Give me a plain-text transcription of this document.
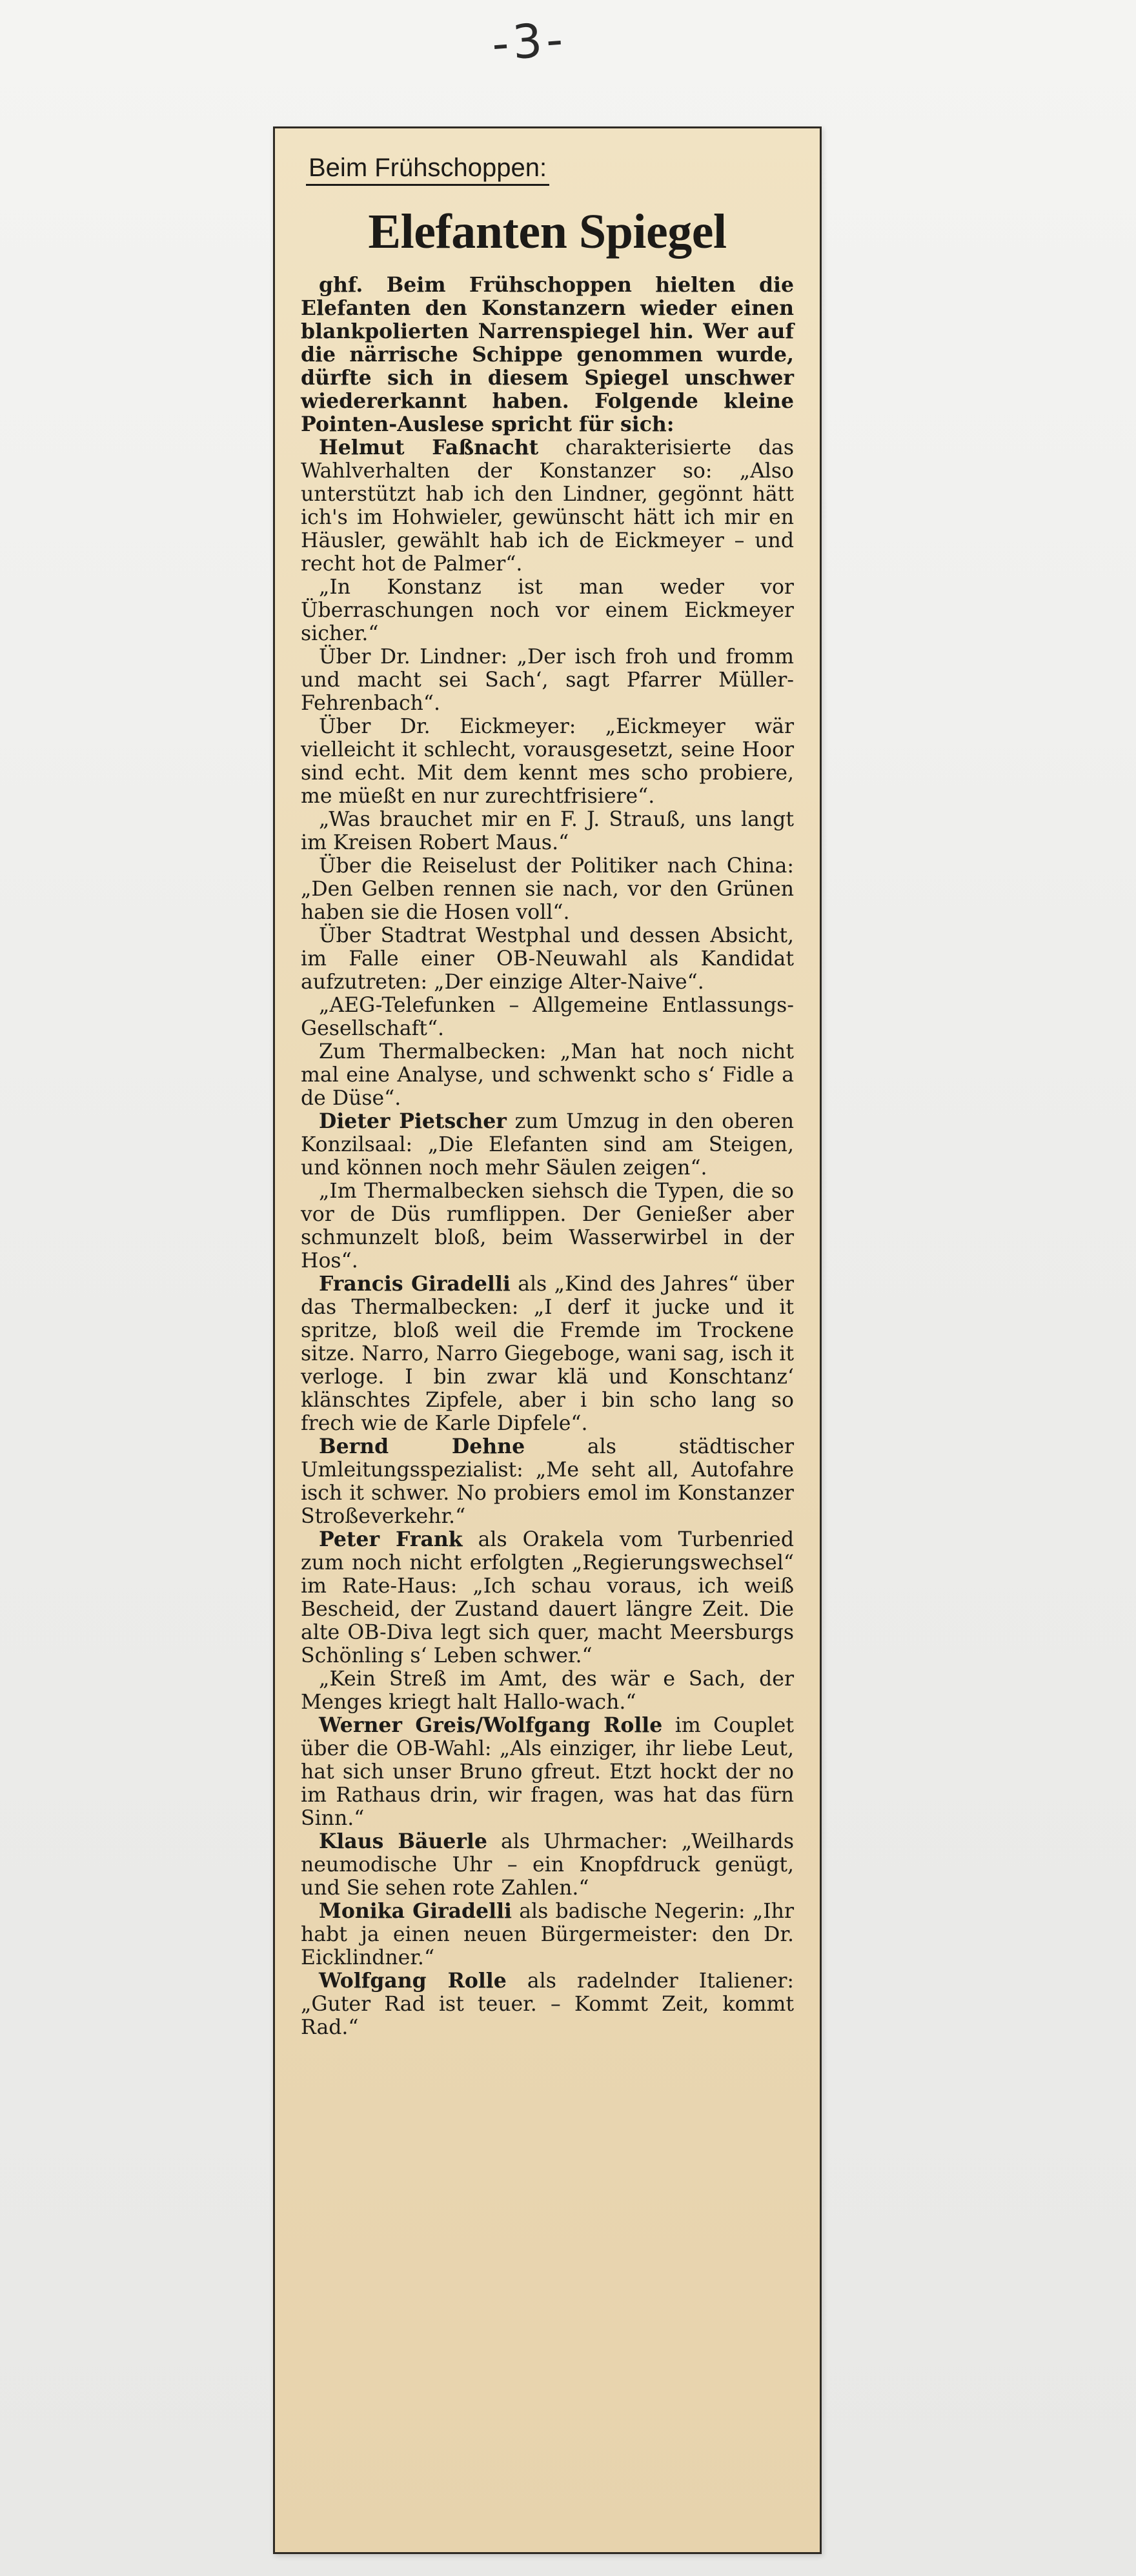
-3-
Beim Frühschoppen:
Elefanten Spiegel

ghf. Beim Frühschoppen hielten die Elefanten den Konstanzern wieder einen blankpolierten Narrenspiegel hin. Wer auf die närrische Schippe genommen wurde, dürfte sich in diesem Spiegel unschwer wiedererkannt haben. Folgende kleine Pointen-Auslese spricht für sich:

Helmut Faßnacht charakterisierte das Wahlverhalten der Konstanzer so: „Also unterstützt hab ich den Lindner, gegönnt hätt ich's im Hohwieler, gewünscht hätt ich mir en Häusler, gewählt hab ich de Eickmeyer – und recht hot de Palmer“.

„In Konstanz ist man weder vor Überraschungen noch vor einem Eickmeyer sicher.“

Über Dr. Lindner: „Der isch froh und fromm und macht sei Sach‘, sagt Pfarrer Müller-Fehrenbach“.

Über Dr. Eickmeyer: „Eickmeyer wär vielleicht it schlecht, vorausgesetzt, seine Hoor sind echt. Mit dem kennt mes scho probiere, me müeßt en nur zurechtfrisiere“.

„Was brauchet mir en F. J. Strauß, uns langt im Kreisen Robert Maus.“

Über die Reiselust der Politiker nach China: „Den Gelben rennen sie nach, vor den Grünen haben sie die Hosen voll“.

Über Stadtrat Westphal und dessen Absicht, im Falle einer OB-Neuwahl als Kandidat aufzutreten: „Der einzige Alter-Naive“.

„AEG-Telefunken – Allgemeine Entlassungs-Gesellschaft“.

Zum Thermalbecken: „Man hat noch nicht mal eine Analyse, und schwenkt scho s‘ Fidle a de Düse“.

Dieter Pietscher zum Umzug in den oberen Konzilsaal: „Die Elefanten sind am Steigen, und können noch mehr Säulen zeigen“.

„Im Thermalbecken siehsch die Typen, die so vor de Düs rumflippen. Der Genießer aber schmunzelt bloß, beim Wasserwirbel in der Hos“.

Francis Giradelli als „Kind des Jahres“ über das Thermalbecken: „I derf it jucke und it spritze, bloß weil die Fremde im Trockene sitze. Narro, Narro Giegeboge, wani sag, isch it verloge. I bin zwar klä und Konschtanz‘ klänschtes Zipfele, aber i bin scho lang so frech wie de Karle Dipfele“.

Bernd Dehne als städtischer Umleitungsspezialist: „Me seht all, Autofahre isch it schwer. No probiers emol im Konstanzer Stroßeverkehr.“

Peter Frank als Orakela vom Turbenried zum noch nicht erfolgten „Regierungswechsel“ im Rate-Haus: „Ich schau voraus, ich weiß Bescheid, der Zustand dauert längre Zeit. Die alte OB-Diva legt sich quer, macht Meersburgs Schönling s‘ Leben schwer.“

„Kein Streß im Amt, des wär e Sach, der Menges kriegt halt Hallo-wach.“

Werner Greis/Wolfgang Rolle im Couplet über die OB-Wahl: „Als einziger, ihr liebe Leut, hat sich unser Bruno gfreut. Etzt hockt der no im Rathaus drin, wir fragen, was hat das fürn Sinn.“

Klaus Bäuerle als Uhrmacher: „Weilhards neumodische Uhr – ein Knopfdruck genügt, und Sie sehen rote Zahlen.“

Monika Giradelli als badische Negerin: „Ihr habt ja einen neuen Bürgermeister: den Dr. Eicklindner.“

Wolfgang Rolle als radelnder Italiener: „Guter Rad ist teuer. – Kommt Zeit, kommt Rad.“
